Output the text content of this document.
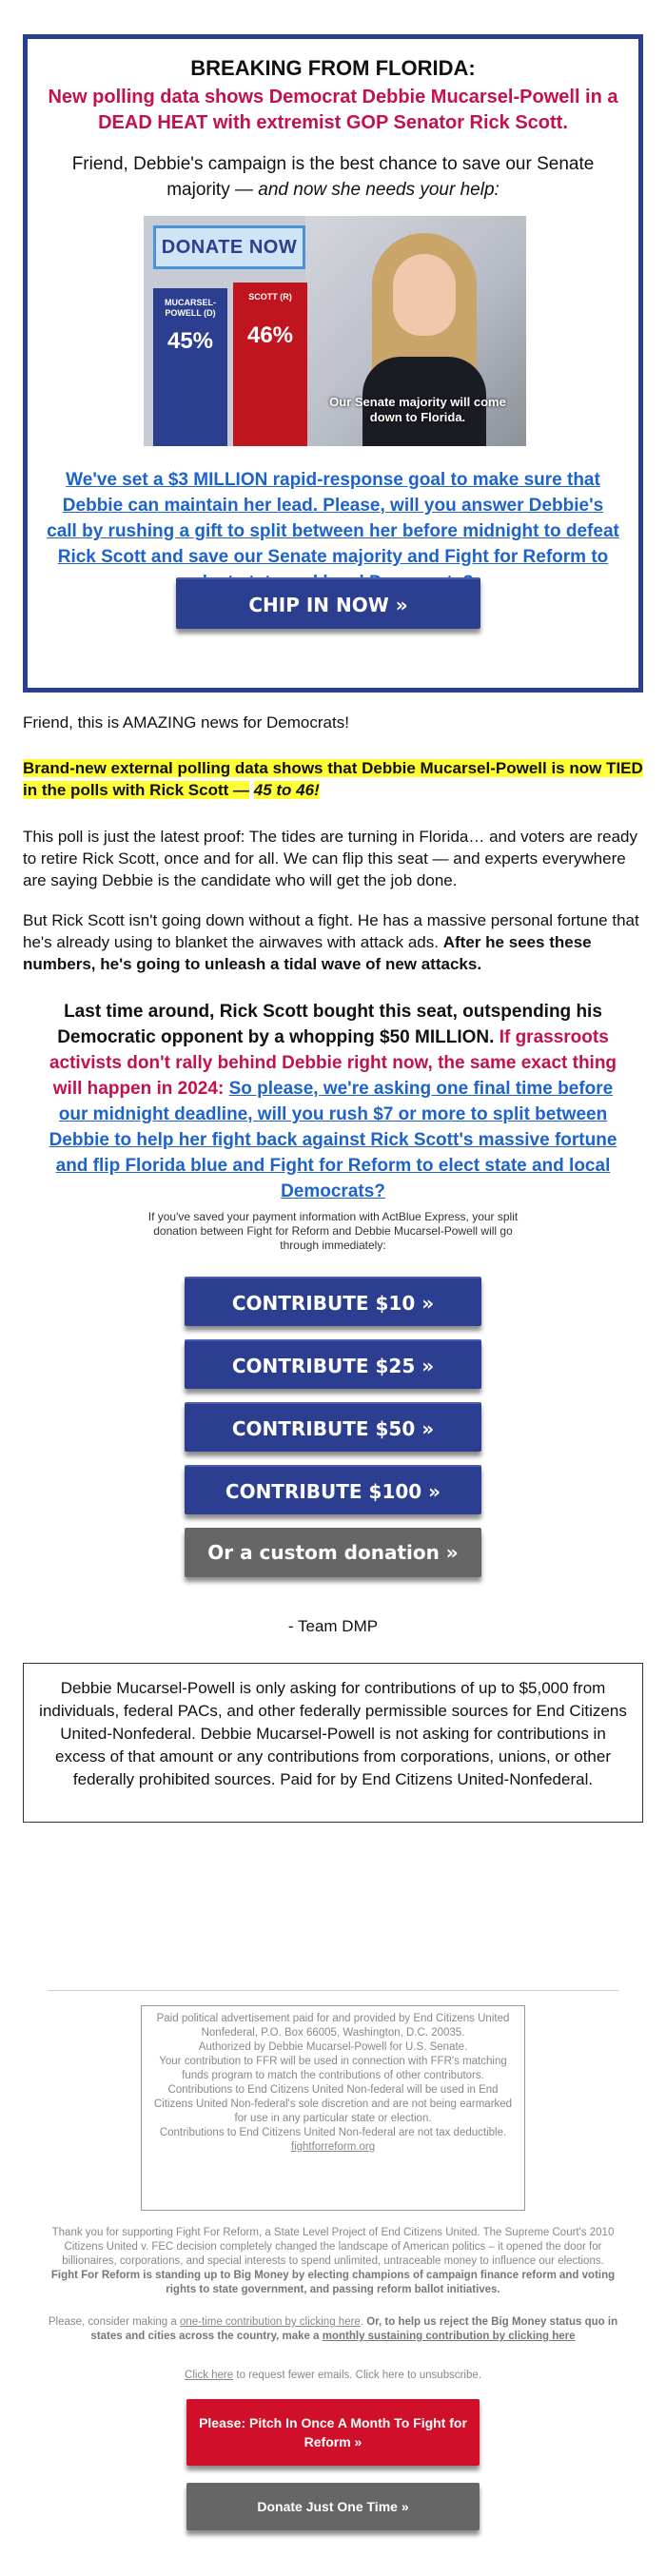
BREAKING FROM FLORIDA:
New polling data shows Democrat Debbie Mucarsel-Powell in a DEAD HEAT with extremist GOP Senator Rick Scott.
Friend, Debbie's campaign is the best chance to save our Senate majority — and now she needs your help:
DONATE NOW
MUCARSEL-POWELL (D)
45%
SCOTT (R)
46%
Our Senate majority will come down to Florida.
We've set a $3 MILLION rapid-response goal to make sure that Debbie can maintain her lead. Please, will you answer Debbie's call by rushing a gift to split between her before midnight to defeat Rick Scott and save our Senate majority and Fight for Reform to
CHIP IN NOW »
Friend, this is AMAZING news for Democrats!
Brand-new external polling data shows that Debbie Mucarsel-Powell is now TIED in the polls with Rick Scott — 45 to 46!
This poll is just the latest proof: The tides are turning in Florida… and voters are ready to retire Rick Scott, once and for all. We can flip this seat — and experts everywhere are saying Debbie is the candidate who will get the job done.
But Rick Scott isn't going down without a fight. He has a massive personal fortune that he's already using to blanket the airwaves with attack ads. After he sees these numbers, he's going to unleash a tidal wave of new attacks.
Last time around, Rick Scott bought this seat, outspending his Democratic opponent by a whopping $50 MILLION. If grassroots activists don't rally behind Debbie right now, the same exact thing will happen in 2024: So please, we're asking one final time before our midnight deadline, will you rush $7 or more to split between Debbie to help her fight back against Rick Scott's massive fortune and flip Florida blue and Fight for Reform to elect state and local Democrats?
If you've saved your payment information with ActBlue Express, your split donation between Fight for Reform and Debbie Mucarsel-Powell will go through immediately:
CONTRIBUTE $10 »
CONTRIBUTE $25 »
CONTRIBUTE $50 »
CONTRIBUTE $100 »
Or a custom donation »
- Team DMP
Debbie Mucarsel-Powell is only asking for contributions of up to $5,000 from individuals, federal PACs, and other federally permissible sources for End Citizens United-Nonfederal. Debbie Mucarsel-Powell is not asking for contributions in excess of that amount or any contributions from corporations, unions, or other federally prohibited sources. Paid for by End Citizens United-Nonfederal.
Paid political advertisement paid for and provided by End Citizens United Nonfederal, P.O. Box 66005, Washington, D.C. 20035.
Authorized by Debbie Mucarsel-Powell for U.S. Senate.
Your contribution to FFR will be used in connection with FFR's matching funds program to match the contributions of other contributors.
Contributions to End Citizens United Non-federal will be used in End Citizens United Non-federal's sole discretion and are not being earmarked for use in any particular state or election.
Contributions to End Citizens United Non-federal are not tax deductible.
fightforreform.org
Thank you for supporting Fight For Reform, a State Level Project of End Citizens United. The Supreme Court's 2010 Citizens United v. FEC decision completely changed the landscape of American politics – it opened the door for billionaires, corporations, and special interests to spend unlimited, untraceable money to influence our elections. Fight For Reform is standing up to Big Money by electing champions of campaign finance reform and voting rights to state government, and passing reform ballot initiatives.
Please, consider making a one-time contribution by clicking here. Or, to help us reject the Big Money status quo in states and cities across the country, make a monthly sustaining contribution by clicking here
Click here to request fewer emails. Click here to unsubscribe.
Please: Pitch In Once A Month To Fight for Reform »
Donate Just One Time »
